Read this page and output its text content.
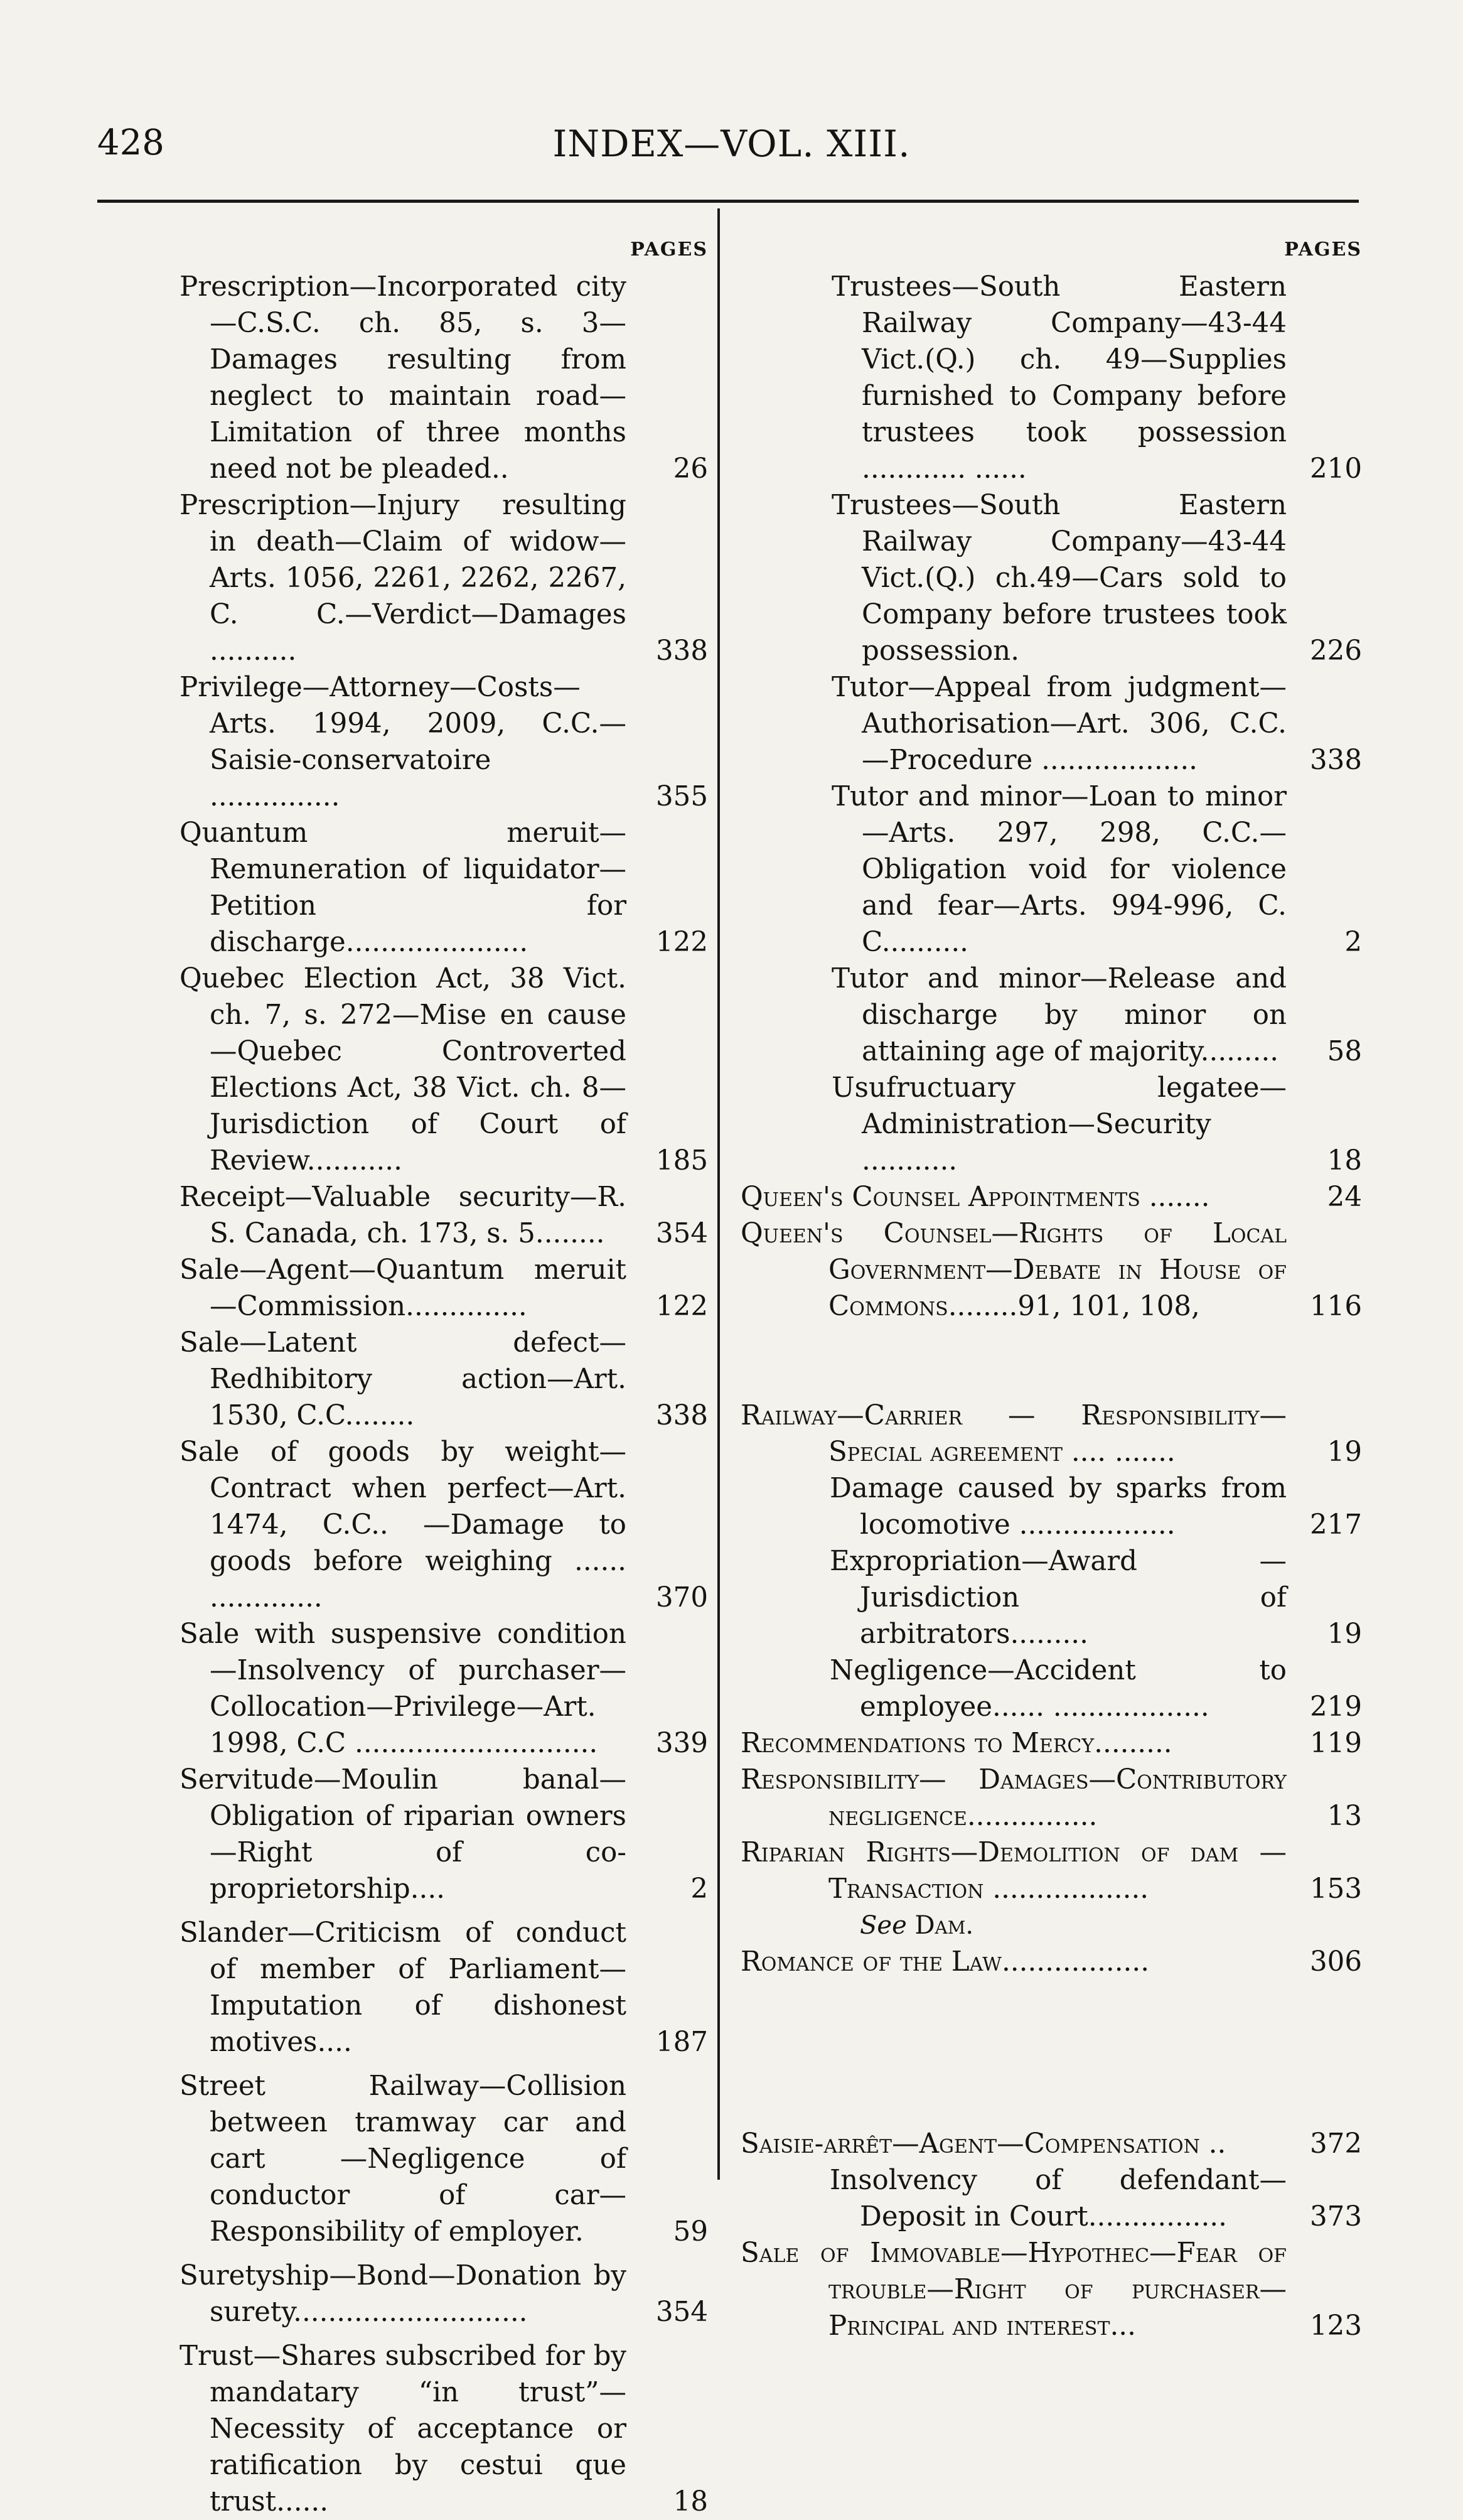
428	INDEX—VOL. XIII.
PAGES
Prescription—Incorporated city —C.S.C. ch. 85, s. 3—Damages resulting from neglect to maintain road—Limitation of three months need not be pleaded..	26
Prescription—Injury resulting in death—Claim of widow—Arts. 1056, 2261, 2262, 2267, C. C.—Verdict—Damages ..........	338
Privilege—Attorney—Costs—Arts. 1994, 2009, C.C.—Saisie-conservatoire ...............	355
Quantum meruit—Remuneration of liquidator—Petition for discharge.....................	122
Quebec Election Act, 38 Vict. ch. 7, s. 272—Mise en cause—Quebec Controverted Elections Act, 38 Vict. ch. 8—Jurisdiction of Court of Review...........	185
Receipt—Valuable security—R. S. Canada, ch. 173, s. 5........	354
Sale—Agent—Quantum meruit —Commission..............	122
Sale—Latent defect—Redhibitory action—Art. 1530, C.C........	338
Sale of goods by weight—Contract when perfect—Art. 1474, C.C.. —Damage to goods before weighing ...... .............	370
Sale with suspensive condition—Insolvency of purchaser—Collocation—Privilege—Art. 1998, C.C ............................	339
Servitude—Moulin banal—Obligation of riparian owners—Right of co-proprietorship....	2
Slander—Criticism of conduct of member of Parliament—Imputation of dishonest motives....	187
Street Railway—Collision between tramway car and cart —Negligence of conductor of car—Responsibility of employer.	59
Suretyship—Bond—Donation by surety...........................	354
Trust—Shares subscribed for by mandatary “in trust”—Necessity of acceptance or ratification by cestui que trust......	18
PAGES
Trustees—South Eastern Railway Company—43-44 Vict.(Q.) ch. 49—Supplies furnished to Company before trustees took possession ............ ......	210
Trustees—South Eastern Railway Company—43-44 Vict.(Q.) ch.49—Cars sold to Company before trustees took possession.	226
Tutor—Appeal from judgment—Authorisation—Art. 306, C.C. —Procedure ..................	338
Tutor and minor—Loan to minor —Arts. 297, 298, C.C.—Obligation void for violence and fear—Arts. 994-996, C. C..........	2
Tutor and minor—Release and discharge by minor on attaining age of majority.........	58
Usufructuary legatee—Administration—Security ...........	18
Queen's Counsel Appointments .......	24
Queen's Counsel—Rights of Local Government—Debate in House of Commons........91, 101, 108,	116
Railway—Carrier — Responsibility—Special agreement .... .......	19
Damage caused by sparks from locomotive ..................	217
Expropriation—Award — Jurisdiction of arbitrators.........	19
Negligence—Accident to employee...... ..................	219
Recommendations to Mercy.........	119
Responsibility— Damages—Contributory negligence...............	13
Riparian Rights—Demolition of dam —Transaction ..................	153
See Dam.
Romance of the Law.................	306
Saisie-arrêt—Agent—Compensation ..	372
Insolvency of defendant—Deposit in Court................	373
Sale of Immovable—Hypothec—Fear of trouble—Right of purchaser—Principal and interest...	123
